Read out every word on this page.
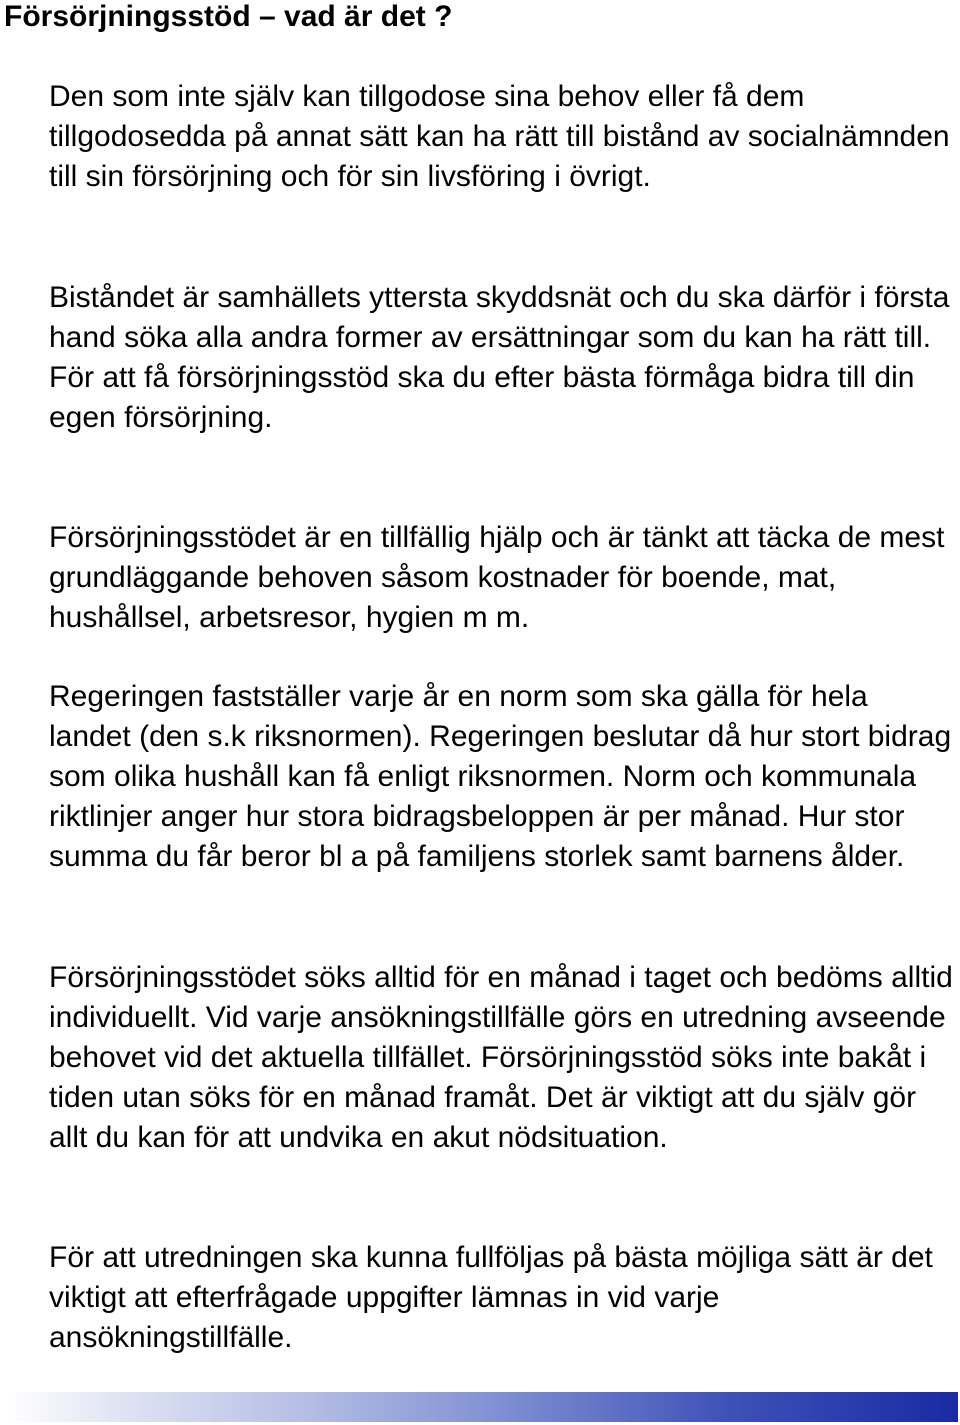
Försörjningsstöd – vad är det ?

Den som inte själv kan tillgodose sina behov eller få dem tillgodosedda på annat sätt kan ha rätt till bistånd av socialnämnden till sin försörjning och för sin livsföring i övrigt.

Biståndet är samhällets yttersta skyddsnät och du ska därför i första hand söka alla andra former av ersättningar som du kan ha rätt till. För att få försörjningsstöd ska du efter bästa förmåga bidra till din egen försörjning.

Försörjningsstödet är en tillfällig hjälp och är tänkt att täcka de mest grundläggande behoven såsom kostnader för boende, mat, hushållsel, arbetsresor, hygien m m.

Regeringen fastställer varje år en norm som ska gälla för hela landet (den s.k riksnormen). Regeringen beslutar då hur stort bidrag som olika hushåll kan få enligt riksnormen. Norm och kommunala riktlinjer anger hur stora bidragsbeloppen är per månad. Hur stor summa du får beror bl a på familjens storlek samt barnens ålder.

Försörjningsstödet söks alltid för en månad i taget och bedöms alltid individuellt. Vid varje ansökningstillfälle görs en utredning avseende behovet vid det aktuella tillfället. Försörjningsstöd söks inte bakåt i tiden utan söks för en månad framåt. Det är viktigt att du själv gör allt du kan för att undvika en akut nödsituation.

För att utredningen ska kunna fullföljas på bästa möjliga sätt är det viktigt att efterfrågade uppgifter lämnas in vid varje ansökningstillfälle.
